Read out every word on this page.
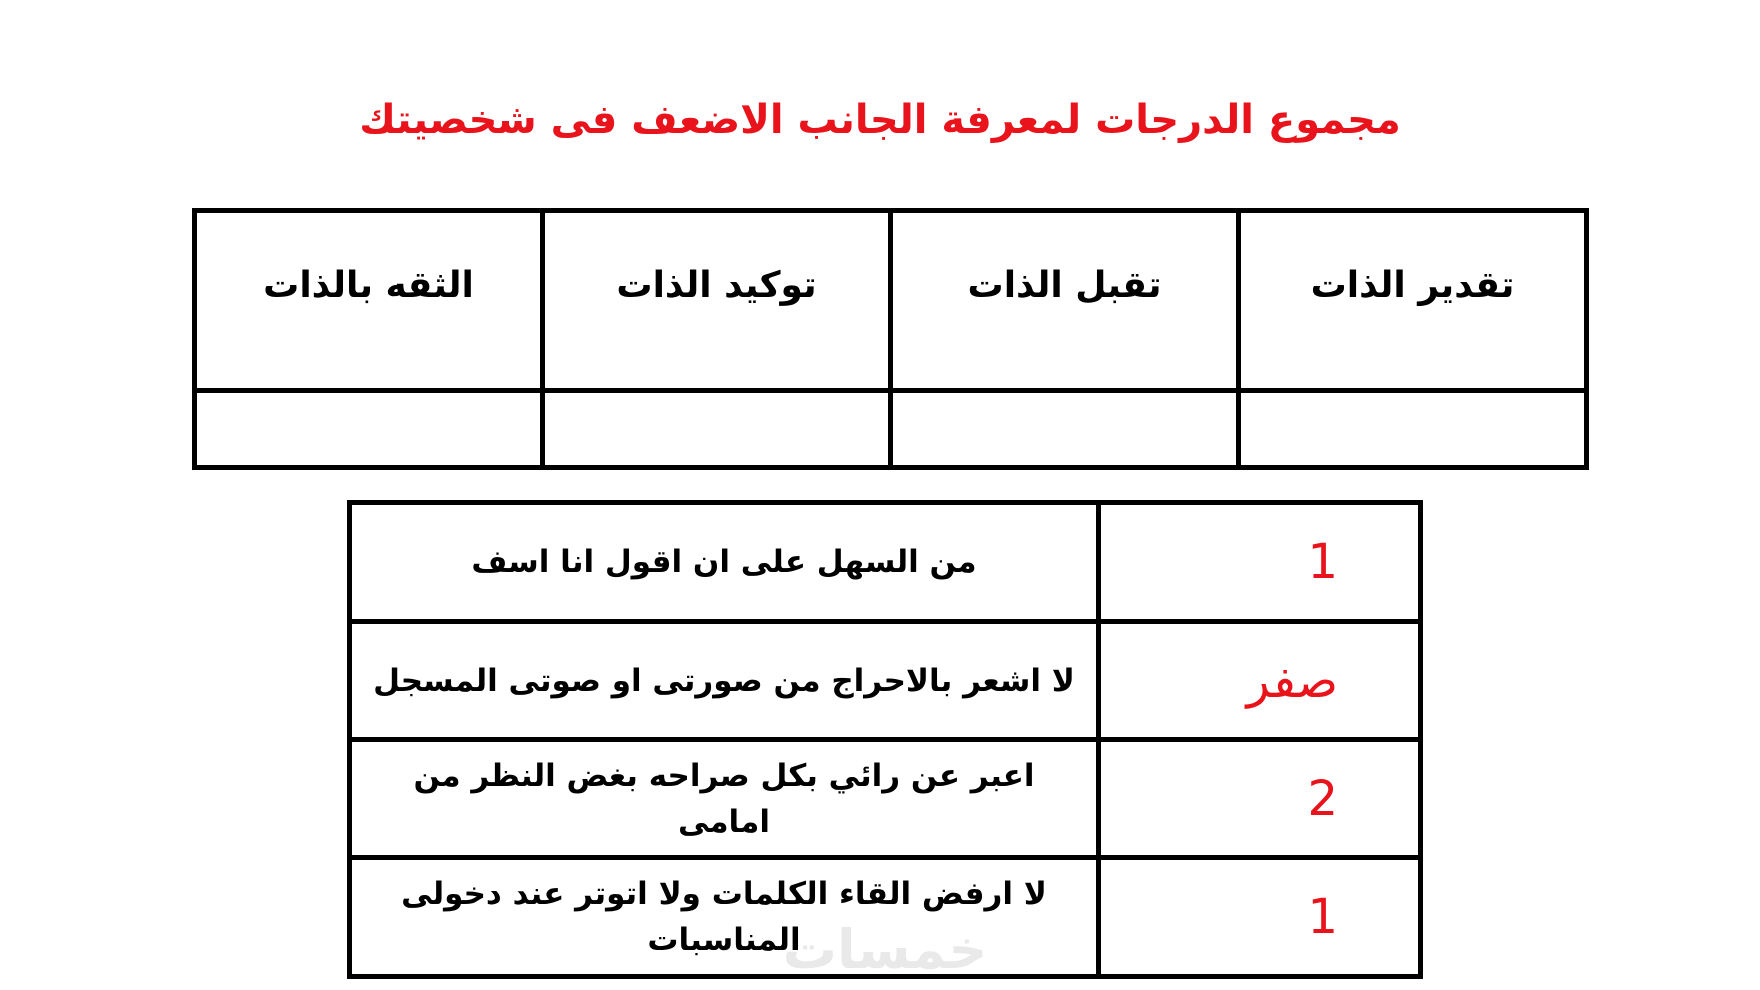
مجموع الدرجات لمعرفة الجانب الاضعف فى شخصيتك
تقدير الذات	تقبل الذات	توكيد الذات	الثقه بالذات

1	من السهل على ان اقول انا اسف
صفر	لا اشعر بالاحراج من صورتى او صوتى المسجل
2	اعبر عن رائي بكل صراحه بغض النظر من امامى
1	لا ارفض القاء الكلمات ولا اتوتر عند دخولى المناسبات
خمسات
